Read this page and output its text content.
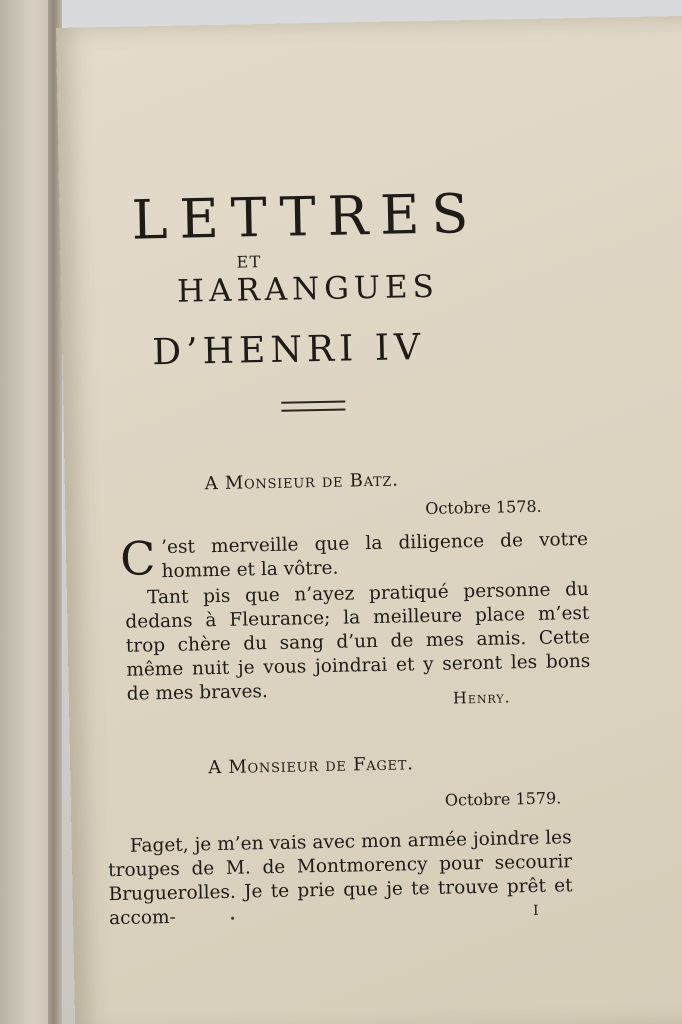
LETTRES
ET
HARANGUES
D’HENRI IV
A Monsieur de Batz.
Octobre 1578.
C ’est merveille que la diligence de votre homme et la vôtre.
Tant pis que n’ayez pratiqué personne du dedans à Fleurance; la meilleure place m’est trop chère du sang d’un de mes amis. Cette même nuit je vous joindrai et y seront les bons de mes braves.	Henry.
A Monsieur de Faget.
Octobre 1579.
Faget, je m’en vais avec mon armée joindre les troupes de M. de Montmorency pour secourir Bruguerolles. Je te prie que je te trouve prêt et accom-	I
